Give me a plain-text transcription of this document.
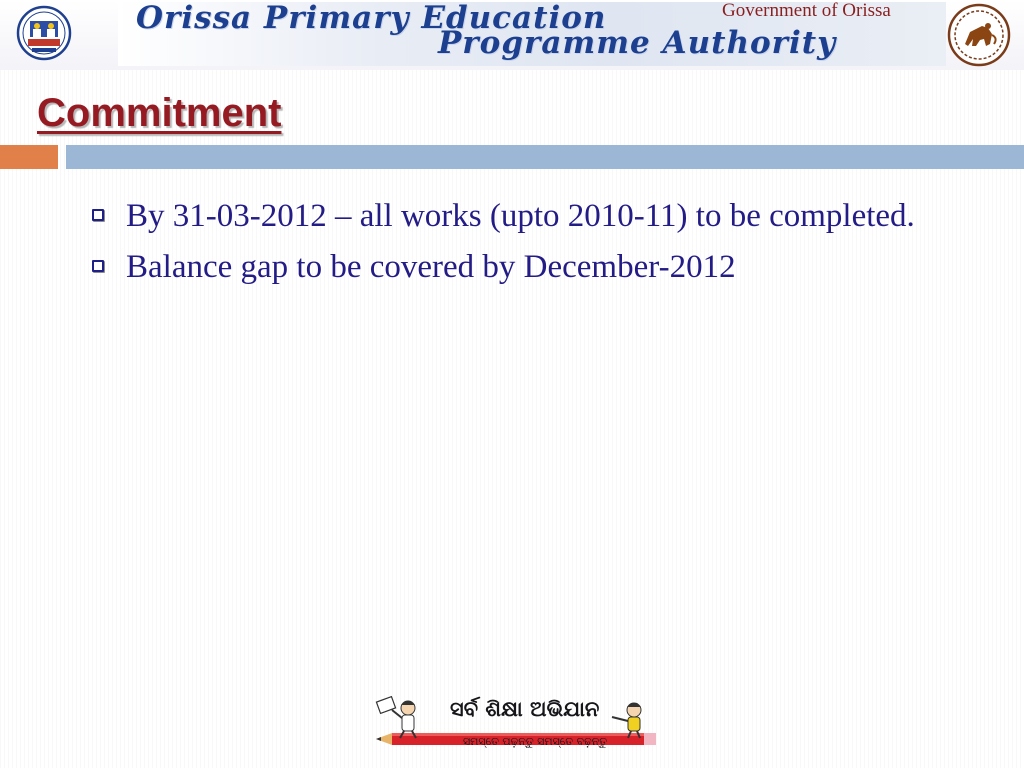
Orissa Primary Education
Programme Authority
Government of Orissa
Commitment
By 31-03-2012 – all works (upto 2010-11) to be completed.
Balance gap to be covered by December-2012
ସର୍ବ ଶିକ୍ଷା ଅଭିଯାନ
ସମସ୍ତେ ପଢ଼ନ୍ତୁ ସମସ୍ତେ ବଢ଼ନ୍ତୁ
